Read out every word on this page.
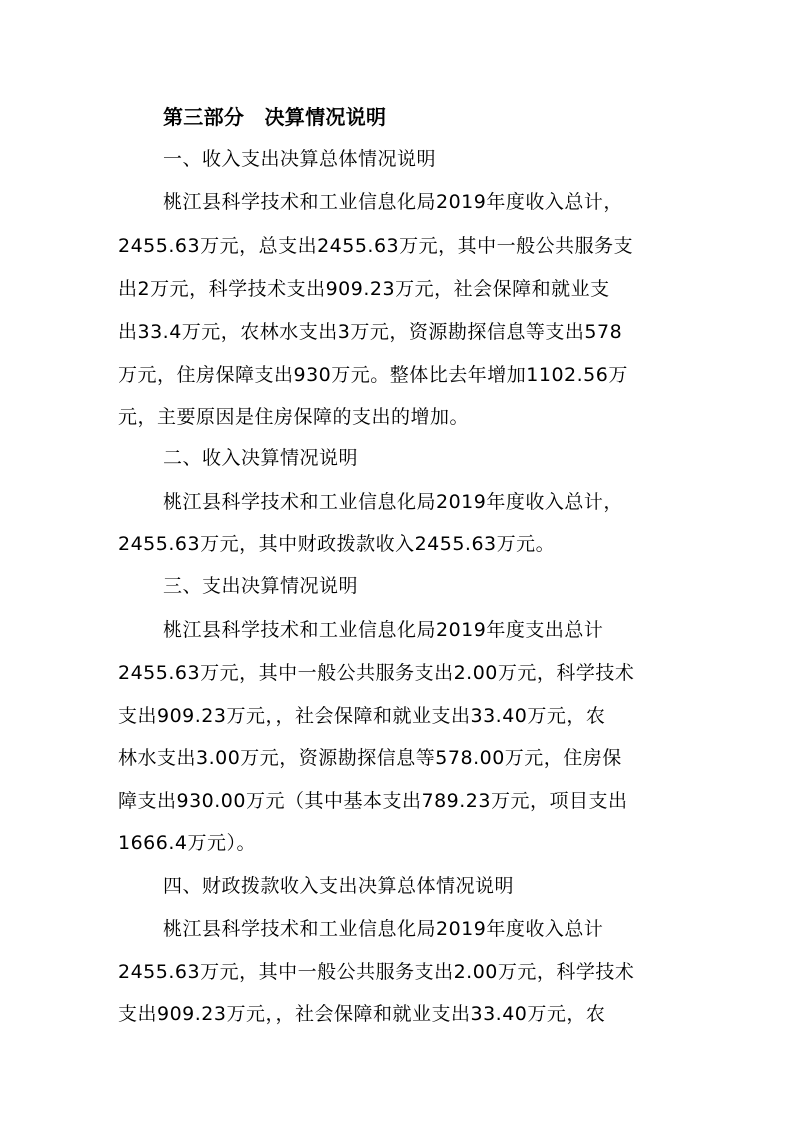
第三部分　决算情况说明
一、收入支出决算总体情况说明
桃江县科学技术和工业信息化局2019年度收入总计，
2455.63万元，总支出2455.63万元，其中一般公共服务支
出2万元，科学技术支出909.23万元，社会保障和就业支
出33.4万元，农林水支出3万元，资源勘探信息等支出578
万元，住房保障支出930万元。整体比去年增加1102.56万
元，主要原因是住房保障的支出的增加。
二、收入决算情况说明
桃江县科学技术和工业信息化局2019年度收入总计，
2455.63万元，其中财政拨款收入2455.63万元。
三、支出决算情况说明
桃江县科学技术和工业信息化局2019年度支出总计
2455.63万元，其中一般公共服务支出2.00万元，科学技术
支出909.23万元，，社会保障和就业支出33.40万元，农
林水支出3.00万元，资源勘探信息等578.00万元，住房保
障支出930.00万元（其中基本支出789.23万元，项目支出
1666.4万元）。
四、财政拨款收入支出决算总体情况说明
桃江县科学技术和工业信息化局2019年度收入总计
2455.63万元，其中一般公共服务支出2.00万元，科学技术
支出909.23万元，，社会保障和就业支出33.40万元，农
